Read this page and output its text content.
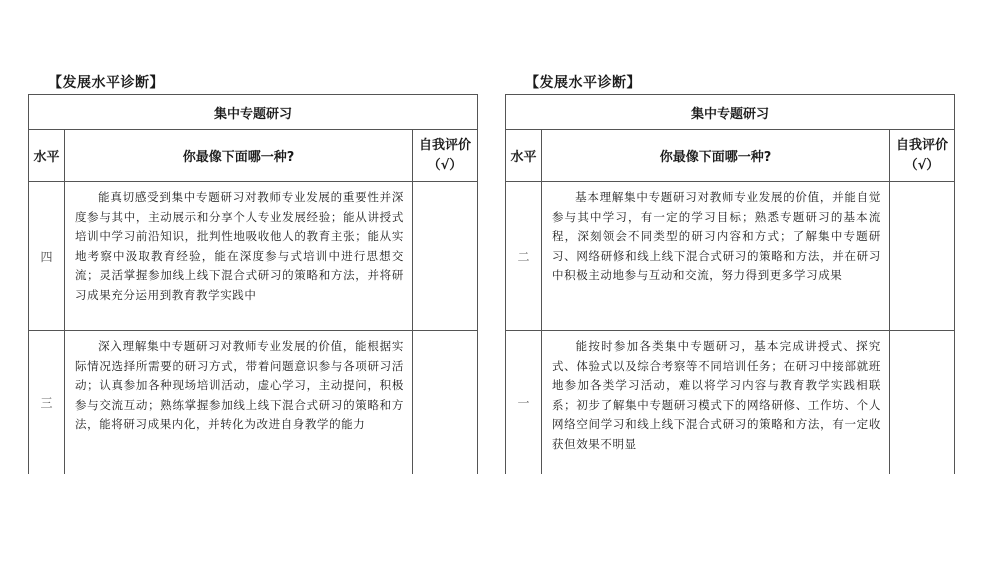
【发展水平诊断】
集中专题研习		
水平	你最像下面哪一种?	自我评价
（√）

四	能真切感受到集中专题研习对教师专业发展的重要性并深度参与其中，主动展示和分享个人专业发展经验；能从讲授式培训中学习前沿知识，批判性地吸收他人的教育主张；能从实地考察中汲取教育经验，能在深度参与式培训中进行思想交流；灵活掌握参加线上线下混合式研习的策略和方法，并将研习成果充分运用到教育教学实践中	
三	深入理解集中专题研习对教师专业发展的价值，能根据实际情况选择所需要的研习方式，带着问题意识参与各项研习活动；认真参加各种现场培训活动，虚心学习，主动提问，积极参与交流互动；熟练掌握参加线上线下混合式研习的策略和方法，能将研习成果内化，并转化为改进自身教学的能力	
【发展水平诊断】
集中专题研习		
水平	你最像下面哪一种?	自我评价
（√）

二	基本理解集中专题研习对教师专业发展的价值，并能自觉参与其中学习，有一定的学习目标；熟悉专题研习的基本流程，深刻领会不同类型的研习内容和方式；了解集中专题研习、网络研修和线上线下混合式研习的策略和方法，并在研习中积极主动地参与互动和交流，努力得到更多学习成果	
一	能按时参加各类集中专题研习，基本完成讲授式、探究式、体验式以及综合考察等不同培训任务；在研习中接部就班地参加各类学习活动，难以将学习内容与教育教学实践相联系；初步了解集中专题研习模式下的网络研修、工作坊、个人网络空间学习和线上线下混合式研习的策略和方法，有一定收获但效果不明显	
